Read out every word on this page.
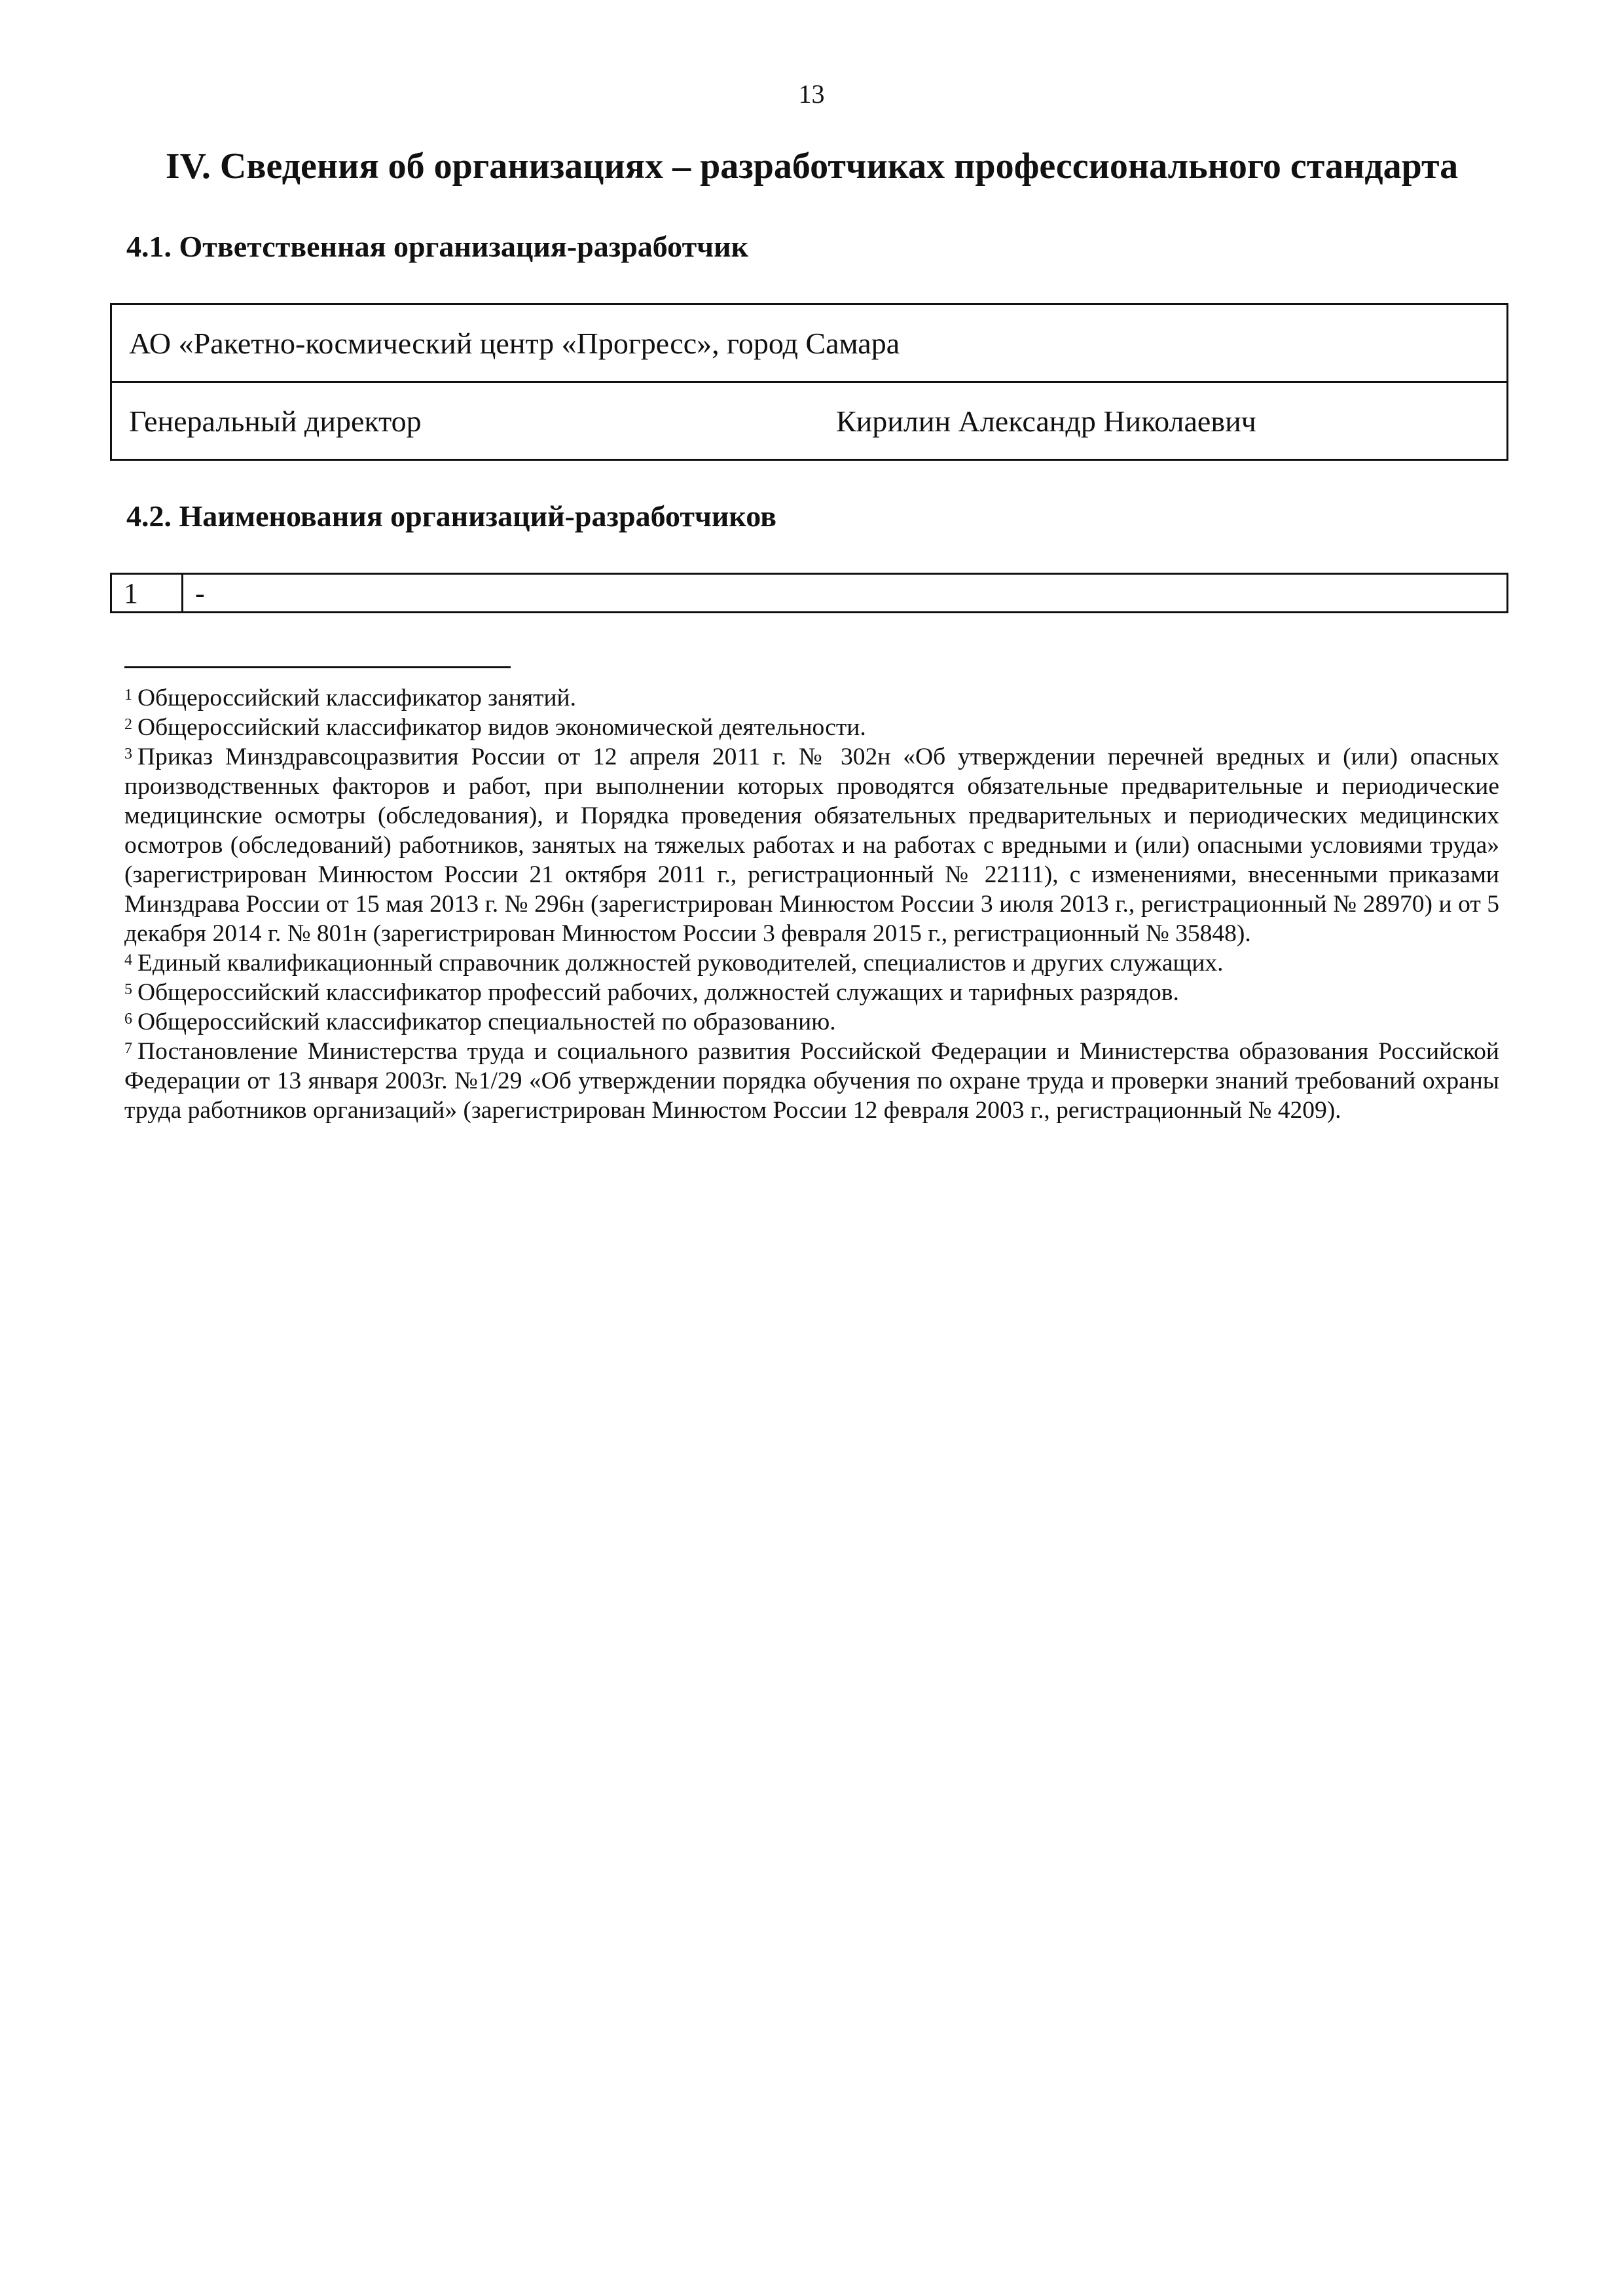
13
IV. Сведения об организациях – разработчиках профессионального стандарта
4.1. Ответственная организация-разработчик
АО «Ракетно-космический центр «Прогресс», город Самара

Генеральный директор	Кирилин Александр Николаевич
4.2. Наименования организаций-разработчиков
1	-

$^1$ Общероссийский классификатор занятий.

$^2$ Общероссийский классификатор видов экономической деятельности.

$^3$ Приказ Минздравсоцразвития России от 12 апреля 2011 г. № 302н «Об утверждении перечней вредных и (или) опасных производственных факторов и работ, при выполнении которых проводятся обязательные предварительные и периодические медицинские осмотры (обследования), и Порядка проведения обязательных предварительных и периодических медицинских осмотров (обследований) работников, занятых на тяжелых работах и на работах с вредными и (или) опасными условиями труда» (зарегистрирован Минюстом России 21 октября 2011 г., регистрационный № 22111), с изменениями, внесенными приказами Минздрава России от 15 мая 2013 г. № 296н (зарегистрирован Минюстом России 3 июля 2013 г., регистрационный № 28970) и от 5 декабря 2014 г. № 801н (зарегистрирован Минюстом России 3 февраля 2015 г., регистрационный № 35848).

$^4$ Единый квалификационный справочник должностей руководителей, специалистов и других служащих.

$^5$ Общероссийский классификатор профессий рабочих, должностей служащих и тарифных разрядов.

$^6$ Общероссийский классификатор специальностей по образованию.

$^7$ Постановление Министерства труда и социального развития Российской Федерации и Министерства образования Российской Федерации от 13 января 2003г. №1/29 «Об утверждении порядка обучения по охране труда и проверки знаний требований охраны труда работников организаций» (зарегистрирован Минюстом России 12 февраля 2003 г., регистрационный № 4209).
